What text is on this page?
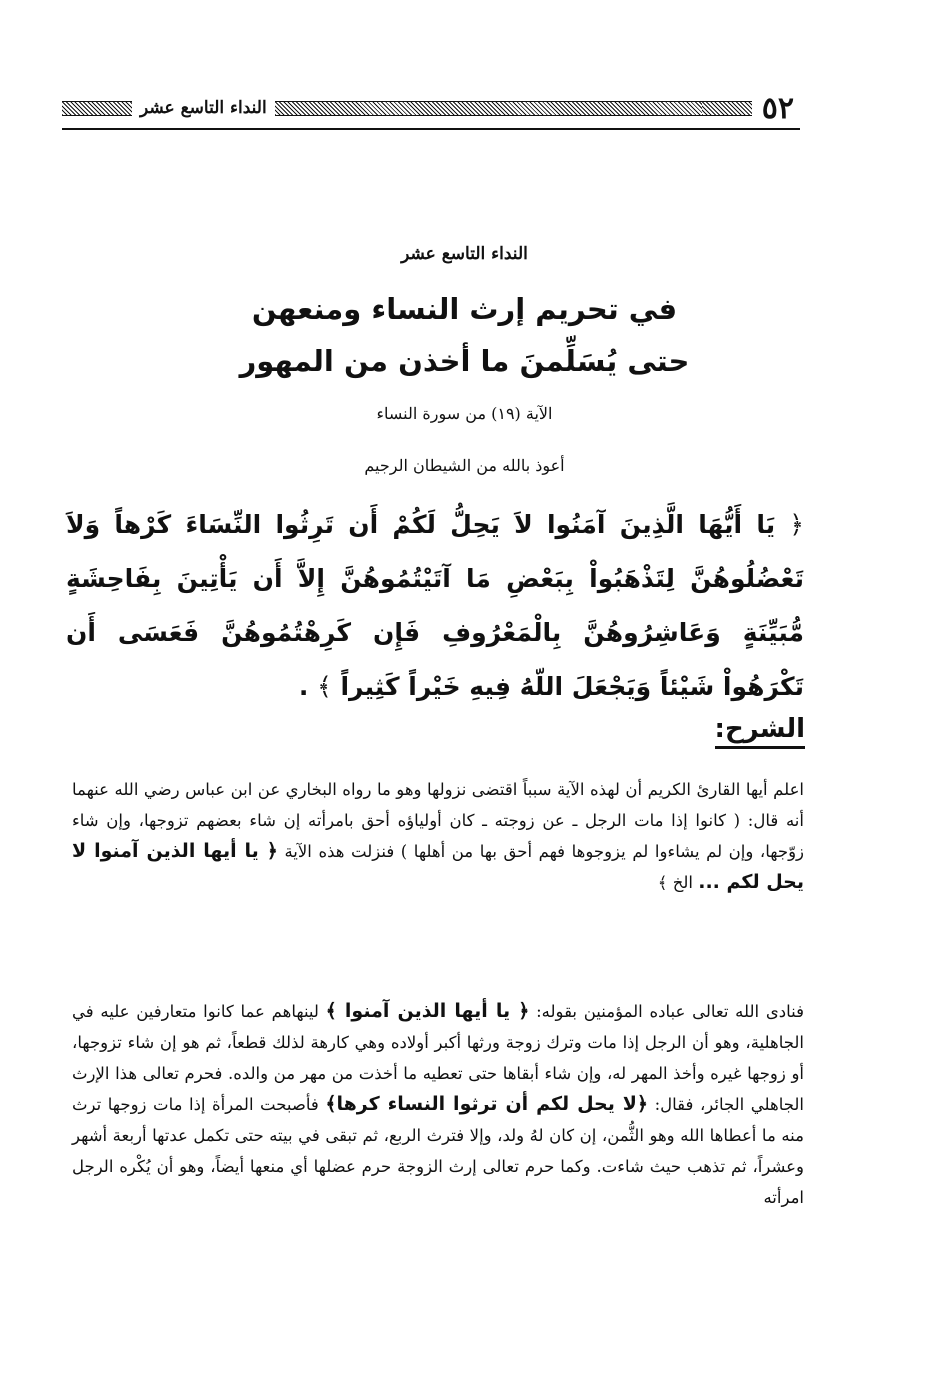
٥٢
النداء التاسع عشر
النداء التاسع عشر
في تحريم إرث النساء ومنعهن
حتى يُسَلِّمنَ ما أخذن من المهور
الآية (١٩) من سورة النساء
أعوذ بالله من الشيطان الرجيم
﴿ يَا أَيُّهَا الَّذِينَ آمَنُوا لاَ يَحِلُّ لَكُمْ أَن تَرِثُوا النِّسَاءَ كَرْهاً وَلاَ تَعْضُلُوهُنَّ لِتَذْهَبُواْ بِبَعْضِ مَا آتَيْتُمُوهُنَّ إِلاَّ أَن يَأْتِينَ بِفَاحِشَةٍ مُّبَيِّنَةٍ وَعَاشِرُوهُنَّ بِالْمَعْرُوفِ فَإِن كَرِهْتُمُوهُنَّ فَعَسَى أَن تَكْرَهُواْ شَيْئاً وَيَجْعَلَ اللّهُ فِيهِ خَيْراً كَثِيراً ﴾ .
الشرح:
اعلم أيها القارئ الكريم أن لهذه الآية سبباً اقتضى نزولها وهو ما رواه البخاري عن ابن عباس رضي الله عنهما أنه قال: ( كانوا إذا مات الرجل ـ عن زوجته ـ كان أولياؤه أحق بامرأته إن شاء بعضهم تزوجها، وإن شاء زوّجها، وإن لم يشاءوا لم يزوجوها فهم أحق بها من أهلها ) فنزلت هذه الآية ﴿ يا أيها الذين آمنوا لا يحل لكم ... الخ ﴾
فنادى الله تعالى عباده المؤمنين بقوله: ﴿ يا أيها الذين آمنوا ﴾ لينهاهم عما كانوا متعارفين عليه في الجاهلية، وهو أن الرجل إذا مات وترك زوجة ورثها أكبر أولاده وهي كارهة لذلك قطعاً، ثم هو إن شاء تزوجها، أو زوجها غيره وأخذ المهر له، وإن شاء أبقاها حتى تعطيه ما أخذت من مهر من والده. فحرم تعالى هذا الإرث الجاهلي الجائر، فقال: ﴿لا يحل لكم أن ترثوا النساء كرها﴾ فأصبحت المرأة إذا مات زوجها ترث منه ما أعطاها الله وهو الثُّمن، إن كان لهُ ولد، وإلا فترث الربع، ثم تبقى في بيته حتى تكمل عدتها أربعة أشهر وعشراً، ثم تذهب حيث شاءت. وكما حرم تعالى إرث الزوجة حرم عضلها أي منعها أيضاً، وهو أن يُكْره الرجل امرأته
